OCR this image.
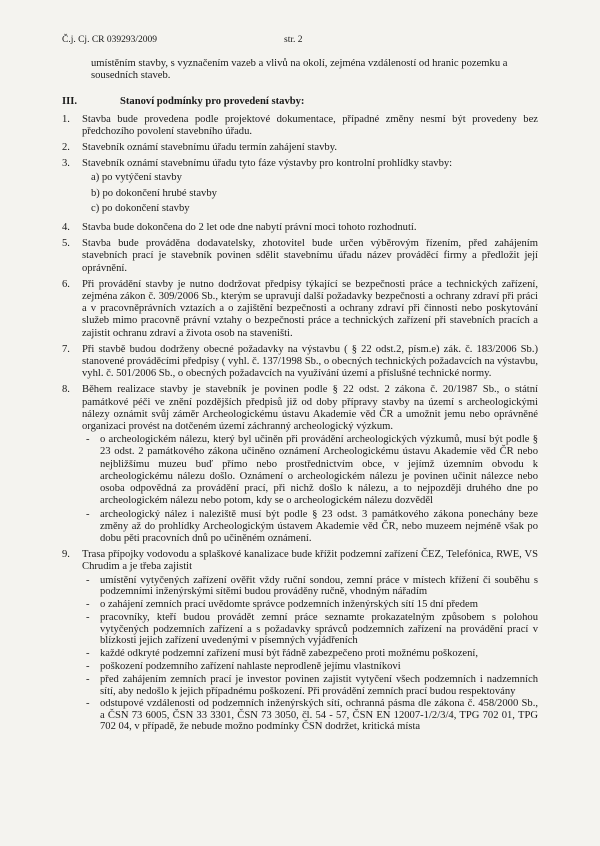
Č.j. Cj. CR 039293/2009	str. 2
umístěním stavby, s vyznačením vazeb a vlivů na okolí, zejména vzdáleností od hranic pozemku a sousedních staveb.
III.	Stanoví podmínky pro provedení stavby:
1.	Stavba bude provedena podle projektové dokumentace, případné změny nesmí být provedeny bez předchozího povolení stavebního úřadu.
2.	Stavebník oznámí stavebnímu úřadu termín zahájení stavby.
3.	Stavebník oznámí stavebnímu úřadu tyto fáze výstavby pro kontrolní prohlídky stavby:
a) po vytýčení stavby
b) po dokončení hrubé stavby
c) po dokončení stavby
4.	Stavba bude dokončena do 2 let ode dne nabytí právní moci tohoto rozhodnutí.
5.	Stavba bude prováděna dodavatelsky, zhotovitel bude určen výběrovým řízením, před zahájením stavebních prací je stavebník povinen sdělit stavebnímu úřadu název prováděcí firmy a předložit její oprávnění.
6.	Při provádění stavby je nutno dodržovat předpisy týkající se bezpečnosti práce a technických zařízení, zejména zákon č. 309/2006 Sb., kterým se upravují další požadavky bezpečnosti a ochrany zdraví při práci a v pracovněprávních vztazích a o zajištění bezpečnosti a ochrany zdraví při činnosti nebo poskytování služeb mimo pracovně právní vztahy o bezpečnosti práce a technických zařízení při stavebních pracích a zajistit ochranu zdraví a života osob na staveništi.
7.	Při stavbě budou dodrženy obecné požadavky na výstavbu ( § 22 odst.2, písm.e) zák. č. 183/2006 Sb.) stanovené prováděcími předpisy ( vyhl. č. 137/1998 Sb., o obecných technických požadavcích na výstavbu, vyhl. č. 501/2006 Sb., o obecných požadavcích na využívání území a příslušné technické normy.
8.	Během realizace stavby je stavebník je povinen podle § 22 odst. 2 zákona č. 20/1987 Sb., o státní památkové péči ve znění pozdějších předpisů již od doby přípravy stavby na území s archeologickými nálezy oznámit svůj záměr Archeologickému ústavu Akademie věd ČR a umožnit jemu nebo oprávněné organizaci provést na dotčeném území záchranný archeologický výzkum.
- o archeologickém nálezu, který byl učiněn při provádění archeologických výzkumů, musí být podle § 23 odst. 2 památkového zákona učiněno oznámení Archeologickému ústavu Akademie věd ČR nebo nejbližšímu muzeu buď přímo nebo prostřednictvím obce, v jejímž územním obvodu k archeologickému nálezu došlo. Oznámení o archeologickém nálezu je povinen učinit nálezce nebo osoba odpovědná za provádění prací, při nichž došlo k nálezu, a to nejpozději druhého dne po archeologickém nálezu nebo potom, kdy se o archeologickém nálezu dozvěděl
- archeologický nález i naleziště musí být podle § 23 odst. 3 památkového zákona ponechány beze změny až do prohlídky Archeologickým ústavem Akademie věd ČR, nebo muzeem nejméně však po dobu pěti pracovních dnů po učiněném oznámení.
9.	Trasa přípojky vodovodu a splaškové kanalizace bude křížit podzemní zařízení ČEZ, Telefónica, RWE, VS Chrudim a je třeba zajistit
- umístění vytyčených zařízení ověřit vždy ruční sondou, zemní práce v místech křížení či souběhu s podzemními inženýrskými sítěmi budou prováděny ručně, vhodným nářadím
- o zahájení zemních prací uvědomte správce podzemních inženýrských sítí 15 dní předem
- pracovníky, kteří budou provádět zemní práce seznamte prokazatelným způsobem s polohou vytyčených podzemních zařízení a s požadavky správců podzemních zařízení na provádění prací v blízkosti jejich zařízení uvedenými v písemných vyjádřeních
- každé odkryté podzemní zařízení musí být řádně zabezpečeno proti možnému poškození,
- poškození podzemního zařízení nahlaste neprodleně jejímu vlastníkovi
- před zahájením zemních prací je investor povinen zajistit vytyčení všech podzemních i nadzemních sítí, aby nedošlo k jejich případnému poškození. Při provádění zemních prací budou respektovány
- odstupové vzdálenosti od podzemních inženýrských sítí, ochranná pásma dle zákona č. 458/2000 Sb., a ČSN 73 6005, ČSN 33 3301, ČSN 73 3050, čl. 54 - 57, ČSN EN 12007-1/2/3/4, TPG 702 01, TPG 702 04, v případě, že nebude možno podmínky ČSN dodržet, kritická místa
